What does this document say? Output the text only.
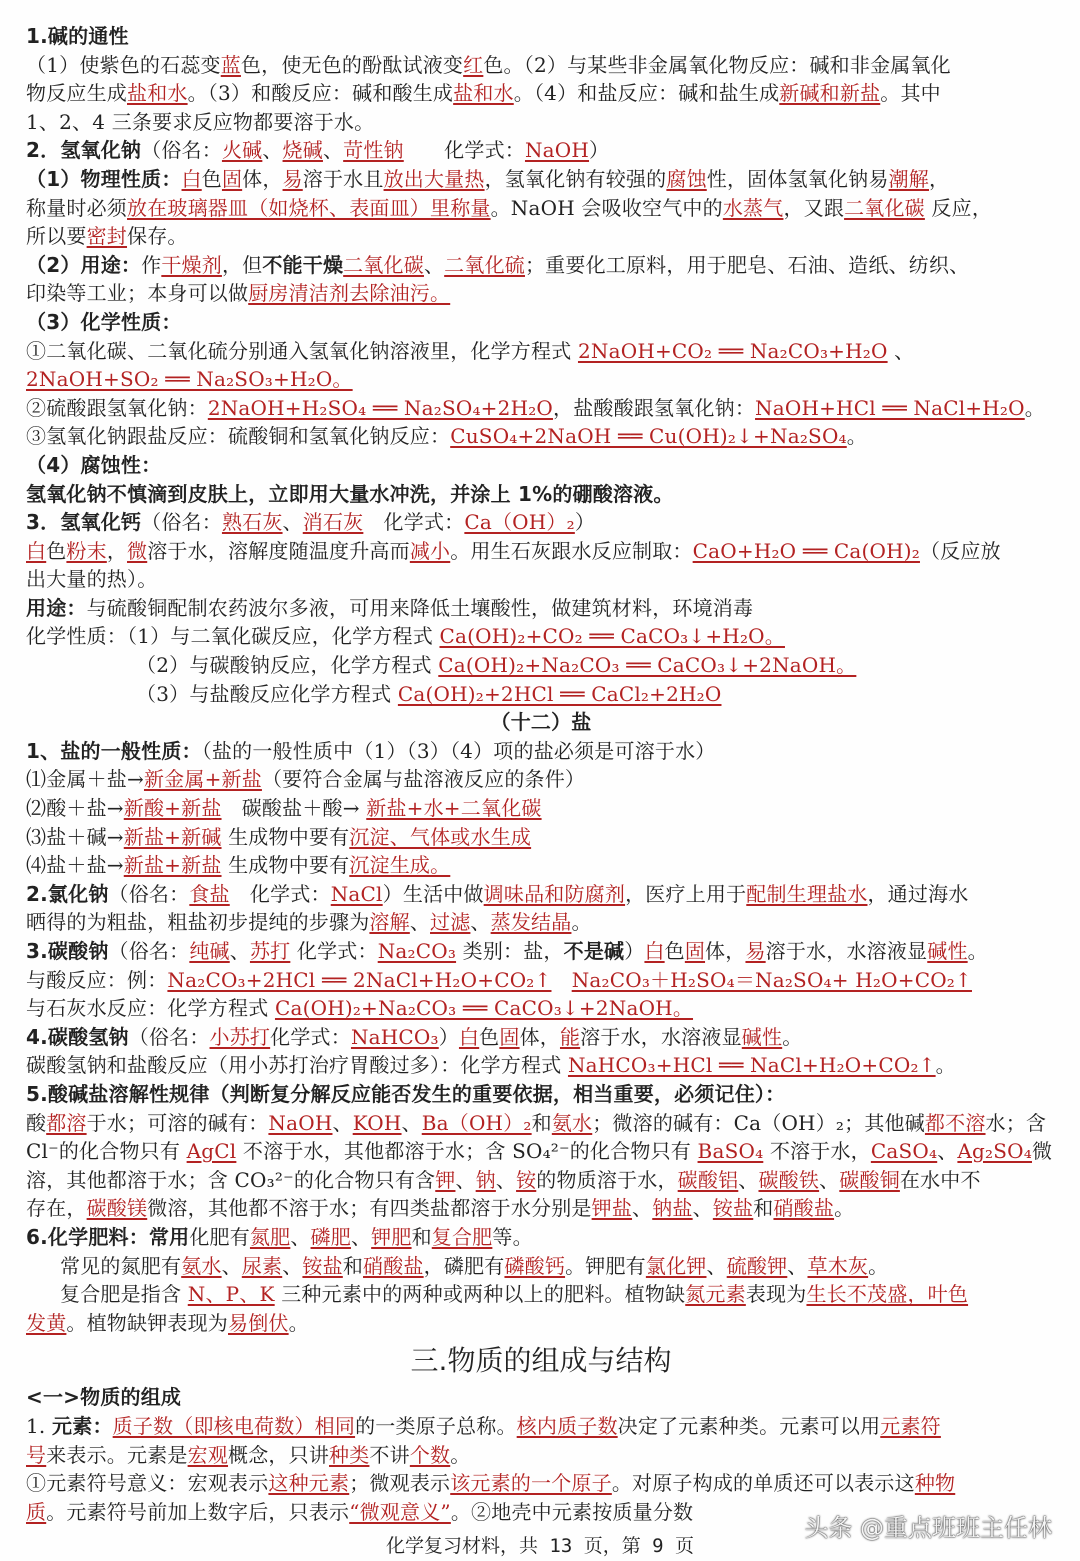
1.碱的通性
（1）使紫色的石蕊变蓝色，使无色的酚酞试液变红色。（2）与某些非金属氧化物反应：碱和非金属氧化
物反应生成盐和水。（3）和酸反应：碱和酸生成盐和水。（4）和盐反应：碱和盐生成新碱和新盐。其中
1、2、4 三条要求反应物都要溶于水。
2．氢氧化钠（俗名：火碱、烧碱、苛性钠　　化学式：NaOH）
（1）物理性质：白色固体，易溶于水且放出大量热，氢氧化钠有较强的腐蚀性，固体氢氧化钠易潮解，
称量时必须放在玻璃器皿（如烧杯、表面皿）里称量。NaOH 会吸收空气中的水蒸气，又跟二氧化碳 反应，
所以要密封保存。
（2）用途：作干燥剂，但不能干燥二氧化碳、二氧化硫；重要化工原料，用于肥皂、石油、造纸、纺织、
印染等工业；本身可以做厨房清洁剂去除油污。
（3）化学性质：
①二氧化碳、二氧化硫分别通入氢氧化钠溶液里，化学方程式 2NaOH+CO₂ ══ Na₂CO₃+H₂O 、
2NaOH+SO₂ ══ Na₂SO₃+H₂O。
②硫酸跟氢氧化钠：2NaOH+H₂SO₄ ══ Na₂SO₄+2H₂O，盐酸酸跟氢氧化钠：NaOH+HCl ══ NaCl+H₂O。
③氢氧化钠跟盐反应：硫酸铜和氢氧化钠反应：CuSO₄+2NaOH ══ Cu(OH)₂↓+Na₂SO₄。
（4）腐蚀性：
氢氧化钠不慎滴到皮肤上，立即用大量水冲洗，并涂上 1%的硼酸溶液。
3．氢氧化钙（俗名：熟石灰、消石灰　化学式：Ca（OH）₂）
白色粉末，微溶于水，溶解度随温度升高而减小。用生石灰跟水反应制取：CaO+H₂O ══ Ca(OH)₂（反应放
出大量的热）。
用途：与硫酸铜配制农药波尔多液，可用来降低土壤酸性，做建筑材料，环境消毒
化学性质：（1）与二氧化碳反应，化学方程式 Ca(OH)₂+CO₂ ══ CaCO₃↓+H₂O。
（2）与碳酸钠反应，化学方程式 Ca(OH)₂+Na₂CO₃ ══ CaCO₃↓+2NaOH。
（3）与盐酸反应化学方程式 Ca(OH)₂+2HCl ══ CaCl₂+2H₂O
（十二）盐
1、盐的一般性质：（盐的一般性质中（1）（3）（4）项的盐必须是可溶于水）
⑴金属＋盐→新金属+新盐（要符合金属与盐溶液反应的条件）
⑵酸＋盐→新酸+新盐　碳酸盐＋酸→ 新盐+水+二氧化碳
⑶盐＋碱→新盐+新碱 生成物中要有沉淀、气体或水生成
⑷盐＋盐→新盐+新盐 生成物中要有沉淀生成。
2.氯化钠（俗名：食盐　化学式：NaCl）生活中做调味品和防腐剂，医疗上用于配制生理盐水，通过海水
晒得的为粗盐，粗盐初步提纯的步骤为溶解、过滤、蒸发结晶。
3.碳酸钠（俗名：纯碱、苏打 化学式：Na₂CO₃ 类别：盐，不是碱）白色固体，易溶于水，水溶液显碱性。
与酸反应：例：Na₂CO₃+2HCl ══ 2NaCl+H₂O+CO₂↑　 Na₂CO₃＋H₂SO₄＝Na₂SO₄+ H₂O+CO₂↑
与石灰水反应：化学方程式 Ca(OH)₂+Na₂CO₃ ══ CaCO₃↓+2NaOH。
4.碳酸氢钠（俗名：小苏打化学式：NaHCO₃）白色固体，能溶于水，水溶液显碱性。
碳酸氢钠和盐酸反应（用小苏打治疗胃酸过多）：化学方程式 NaHCO₃+HCl ══ NaCl+H₂O+CO₂↑。
5.酸碱盐溶解性规律（判断复分解反应能否发生的重要依据，相当重要，必须记住）：
酸都溶于水；可溶的碱有：NaOH、KOH、Ba（OH）₂和氨水；微溶的碱有：Ca（OH）₂；其他碱都不溶水；含
Cl⁻的化合物只有 AgCl 不溶于水，其他都溶于水；含 SO₄²⁻的化合物只有 BaSO₄ 不溶于水，CaSO₄、Ag₂SO₄微
溶，其他都溶于水；含 CO₃²⁻的化合物只有含钾、钠、铵的物质溶于水，碳酸铝、碳酸铁、碳酸铜在水中不
存在，碳酸镁微溶，其他都不溶于水；有四类盐都溶于水分别是钾盐、钠盐、铵盐和硝酸盐。
6.化学肥料：常用化肥有氮肥、磷肥、钾肥和复合肥等。
常见的氮肥有氨水、尿素、铵盐和硝酸盐，磷肥有磷酸钙。钾肥有氯化钾、硫酸钾、草木灰。
复合肥是指含 N、P、K 三种元素中的两种或两种以上的肥料。植物缺氮元素表现为生长不茂盛，叶色
发黄。植物缺钾表现为易倒伏。
三.物质的组成与结构
<一>物质的组成
1. 元素：质子数（即核电荷数）相同的一类原子总称。核内质子数决定了元素种类。元素可以用元素符
号来表示。元素是宏观概念，只讲种类不讲个数。
①元素符号意义：宏观表示这种元素；微观表示该元素的一个原子。对原子构成的单质还可以表示这种物
质。元素符号前加上数字后，只表示“微观意义”。②地壳中元素按质量分数
化学复习材料，共 13 页，第 9 页
头条 @重点班班主任林
